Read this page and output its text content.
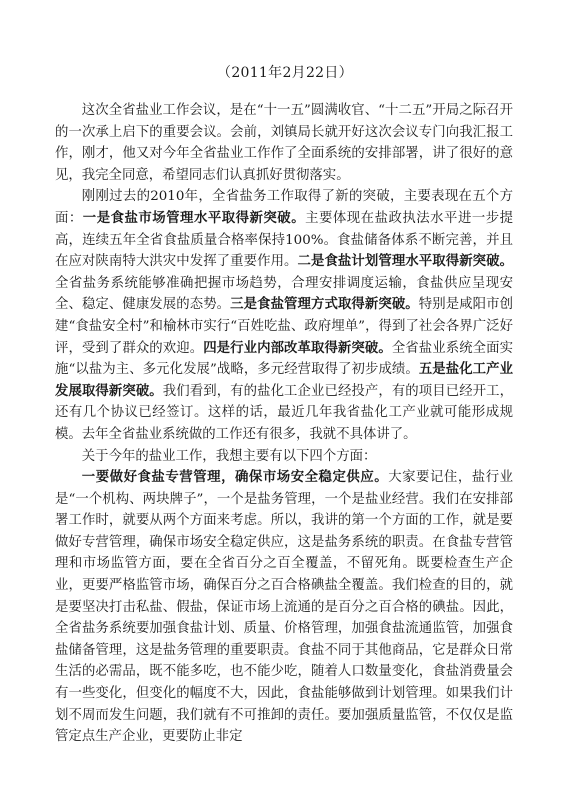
（2011年2月22日）

这次全省盐业工作会议，是在“十一五”圆满收官、“十二五”开局之际召开的一次承上启下的重要会议。会前，刘镇局长就开好这次会议专门向我汇报工作，刚才，他又对今年全省盐业工作作了全面系统的安排部署，讲了很好的意见，我完全同意，希望同志们认真抓好贯彻落实。

刚刚过去的2010年，全省盐务工作取得了新的突破，主要表现在五个方面：一是食盐市场管理水平取得新突破。主要体现在盐政执法水平进一步提高，连续五年全省食盐质量合格率保持100%。食盐储备体系不断完善，并且在应对陕南特大洪灾中发挥了重要作用。二是食盐计划管理水平取得新突破。全省盐务系统能够准确把握市场趋势，合理安排调度运输，食盐供应呈现安全、稳定、健康发展的态势。三是食盐管理方式取得新突破。特别是咸阳市创建“食盐安全村”和榆林市实行“百姓吃盐、政府埋单”，得到了社会各界广泛好评，受到了群众的欢迎。四是行业内部改革取得新突破。全省盐业系统全面实施“以盐为主、多元化发展”战略，多元经营取得了初步成绩。五是盐化工产业发展取得新突破。我们看到，有的盐化工企业已经投产，有的项目已经开工，还有几个协议已经签订。这样的话，最近几年我省盐化工产业就可能形成规模。去年全省盐业系统做的工作还有很多，我就不具体讲了。

关于今年的盐业工作，我想主要有以下四个方面：

一要做好食盐专营管理，确保市场安全稳定供应。大家要记住，盐行业是“一个机构、两块牌子”，一个是盐务管理，一个是盐业经营。我们在安排部署工作时，就要从两个方面来考虑。所以，我讲的第一个方面的工作，就是要做好专营管理，确保市场安全稳定供应，这是盐务系统的职责。在食盐专营管理和市场监管方面，要在全省百分之百全覆盖，不留死角。既要检查生产企业，更要严格监管市场，确保百分之百合格碘盐全覆盖。我们检查的目的，就是要坚决打击私盐、假盐，保证市场上流通的是百分之百合格的碘盐。因此，全省盐务系统要加强食盐计划、质量、价格管理，加强食盐流通监管，加强食盐储备管理，这是盐务管理的重要职责。食盐不同于其他商品，它是群众日常生活的必需品，既不能多吃，也不能少吃，随着人口数量变化，食盐消费量会有一些变化，但变化的幅度不大，因此，食盐能够做到计划管理。如果我们计划不周而发生问题，我们就有不可推卸的责任。要加强质量监管，不仅仅是监管定点生产企业，更要防止非定
